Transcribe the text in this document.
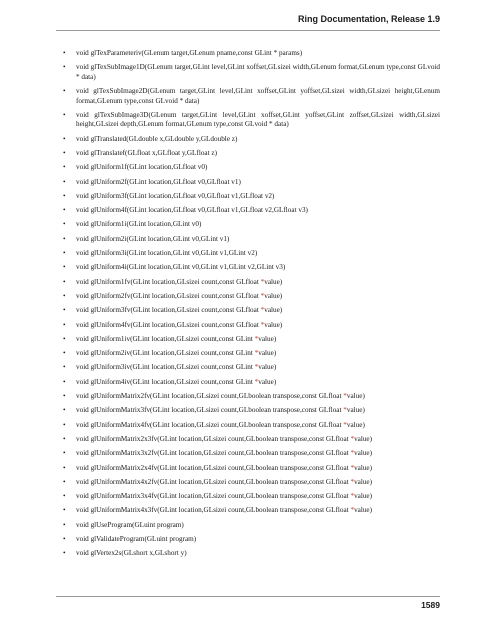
Ring Documentation, Release 1.9
• void glTexParameteriv(GLenum target,GLenum pname,const GLint * params)
• void glTexSubImage1D(GLenum target,GLint level,GLint xoffset,GLsizei width,GLenum format,GLenum type,const GLvoid * data)
• void glTexSubImage2D(GLenum target,GLint level,GLint xoffset,GLint yoffset,GLsizei width,GLsizei height,GLenum format,GLenum type,const GLvoid * data)
• void glTexSubImage3D(GLenum target,GLint level,GLint xoffset,GLint yoffset,GLint zoffset,GLsizei width,GLsizei height,GLsizei depth,GLenum format,GLenum type,const GLvoid * data)
• void glTranslated(GLdouble x,GLdouble y,GLdouble z)
• void glTranslatef(GLfloat x,GLfloat y,GLfloat z)
• void glUniform1f(GLint location,GLfloat v0)
• void glUniform2f(GLint location,GLfloat v0,GLfloat v1)
• void glUniform3f(GLint location,GLfloat v0,GLfloat v1,GLfloat v2)
• void glUniform4f(GLint location,GLfloat v0,GLfloat v1,GLfloat v2,GLfloat v3)
• void glUniform1i(GLint location,GLint v0)
• void glUniform2i(GLint location,GLint v0,GLint v1)
• void glUniform3i(GLint location,GLint v0,GLint v1,GLint v2)
• void glUniform4i(GLint location,GLint v0,GLint v1,GLint v2,GLint v3)
• void glUniform1fv(GLint location,GLsizei count,const GLfloat *value)
• void glUniform2fv(GLint location,GLsizei count,const GLfloat *value)
• void glUniform3fv(GLint location,GLsizei count,const GLfloat *value)
• void glUniform4fv(GLint location,GLsizei count,const GLfloat *value)
• void glUniform1iv(GLint location,GLsizei count,const GLint *value)
• void glUniform2iv(GLint location,GLsizei count,const GLint *value)
• void glUniform3iv(GLint location,GLsizei count,const GLint *value)
• void glUniform4iv(GLint location,GLsizei count,const GLint *value)
• void glUniformMatrix2fv(GLint location,GLsizei count,GLboolean transpose,const GLfloat *value)
• void glUniformMatrix3fv(GLint location,GLsizei count,GLboolean transpose,const GLfloat *value)
• void glUniformMatrix4fv(GLint location,GLsizei count,GLboolean transpose,const GLfloat *value)
• void glUniformMatrix2x3fv(GLint location,GLsizei count,GLboolean transpose,const GLfloat *value)
• void glUniformMatrix3x2fv(GLint location,GLsizei count,GLboolean transpose,const GLfloat *value)
• void glUniformMatrix2x4fv(GLint location,GLsizei count,GLboolean transpose,const GLfloat *value)
• void glUniformMatrix4x2fv(GLint location,GLsizei count,GLboolean transpose,const GLfloat *value)
• void glUniformMatrix3x4fv(GLint location,GLsizei count,GLboolean transpose,const GLfloat *value)
• void glUniformMatrix4x3fv(GLint location,GLsizei count,GLboolean transpose,const GLfloat *value)
• void glUseProgram(GLuint program)
• void glValidateProgram(GLuint program)
• void glVertex2s(GLshort x,GLshort y)
1589
